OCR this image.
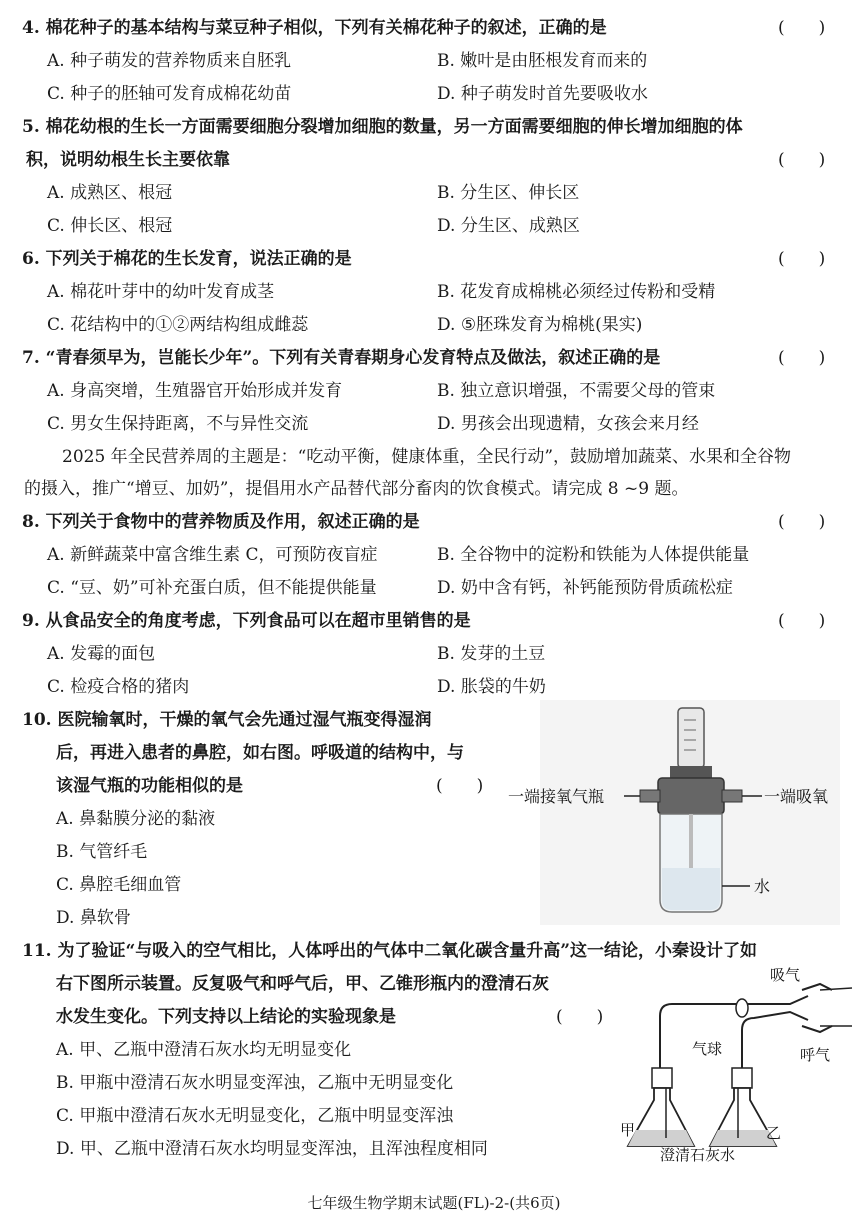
4. 棉花种子的基本结构与菜豆种子相似，下列有关棉花种子的叙述，正确的是	(　　)
A. 种子萌发的营养物质来自胚乳	B. 嫩叶是由胚根发育而来的
C. 种子的胚轴可发育成棉花幼苗	D. 种子萌发时首先要吸收水
5. 棉花幼根的生长一方面需要细胞分裂增加细胞的数量，另一方面需要细胞的伸长增加细胞的体
积，说明幼根生长主要依靠	(　　)
A. 成熟区、根冠	B. 分生区、伸长区
C. 伸长区、根冠	D. 分生区、成熟区
6. 下列关于棉花的生长发育，说法正确的是	(　　)
A. 棉花叶芽中的幼叶发育成茎	B. 花发育成棉桃必须经过传粉和受精
C. 花结构中的①②两结构组成雌蕊	D. ⑤胚珠发育为棉桃(果实)
7. “青春须早为，岂能长少年”。下列有关青春期身心发育特点及做法，叙述正确的是	(　　)
A. 身高突增，生殖器官开始形成并发育	B. 独立意识增强，不需要父母的管束
C. 男女生保持距离，不与异性交流	D. 男孩会出现遗精，女孩会来月经
2025 年全民营养周的主题是：“吃动平衡，健康体重，全民行动”，鼓励增加蔬菜、水果和全谷物
的摄入，推广“增豆、加奶”，提倡用水产品替代部分畜肉的饮食模式。请完成 8 ~9 题。
8. 下列关于食物中的营养物质及作用，叙述正确的是	(　　)
A. 新鲜蔬菜中富含维生素 C，可预防夜盲症	B. 全谷物中的淀粉和铁能为人体提供能量
C. “豆、奶”可补充蛋白质，但不能提供能量	D. 奶中含有钙，补钙能预防骨质疏松症
9. 从食品安全的角度考虑，下列食品可以在超市里销售的是	(　　)
A. 发霉的面包	B. 发芽的土豆
C. 检疫合格的猪肉	D. 胀袋的牛奶
10. 医院输氧时，干燥的氧气会先通过湿气瓶变得湿润
后，再进入患者的鼻腔，如右图。呼吸道的结构中，与
该湿气瓶的功能相似的是	(　　)
A. 鼻黏膜分泌的黏液
B. 气管纤毛
C. 鼻腔毛细血管
D. 鼻软骨
一端接氧气瓶	一端吸氧
水
11. 为了验证“与吸入的空气相比，人体呼出的气体中二氧化碳含量升高”这一结论，小秦设计了如
右下图所示装置。反复吸气和呼气后，甲、乙锥形瓶内的澄清石灰
水发生变化。下列支持以上结论的实验现象是	(　　)
A. 甲、乙瓶中澄清石灰水均无明显变化
B. 甲瓶中澄清石灰水明显变浑浊，乙瓶中无明显变化
C. 甲瓶中澄清石灰水无明显变化，乙瓶中明显变浑浊
D. 甲、乙瓶中澄清石灰水均明显变浑浊，且浑浊程度相同
吸气
呼气
气球
甲	乙
澄清石灰水
七年级生物学期末试题(FL)-2-(共6页)
